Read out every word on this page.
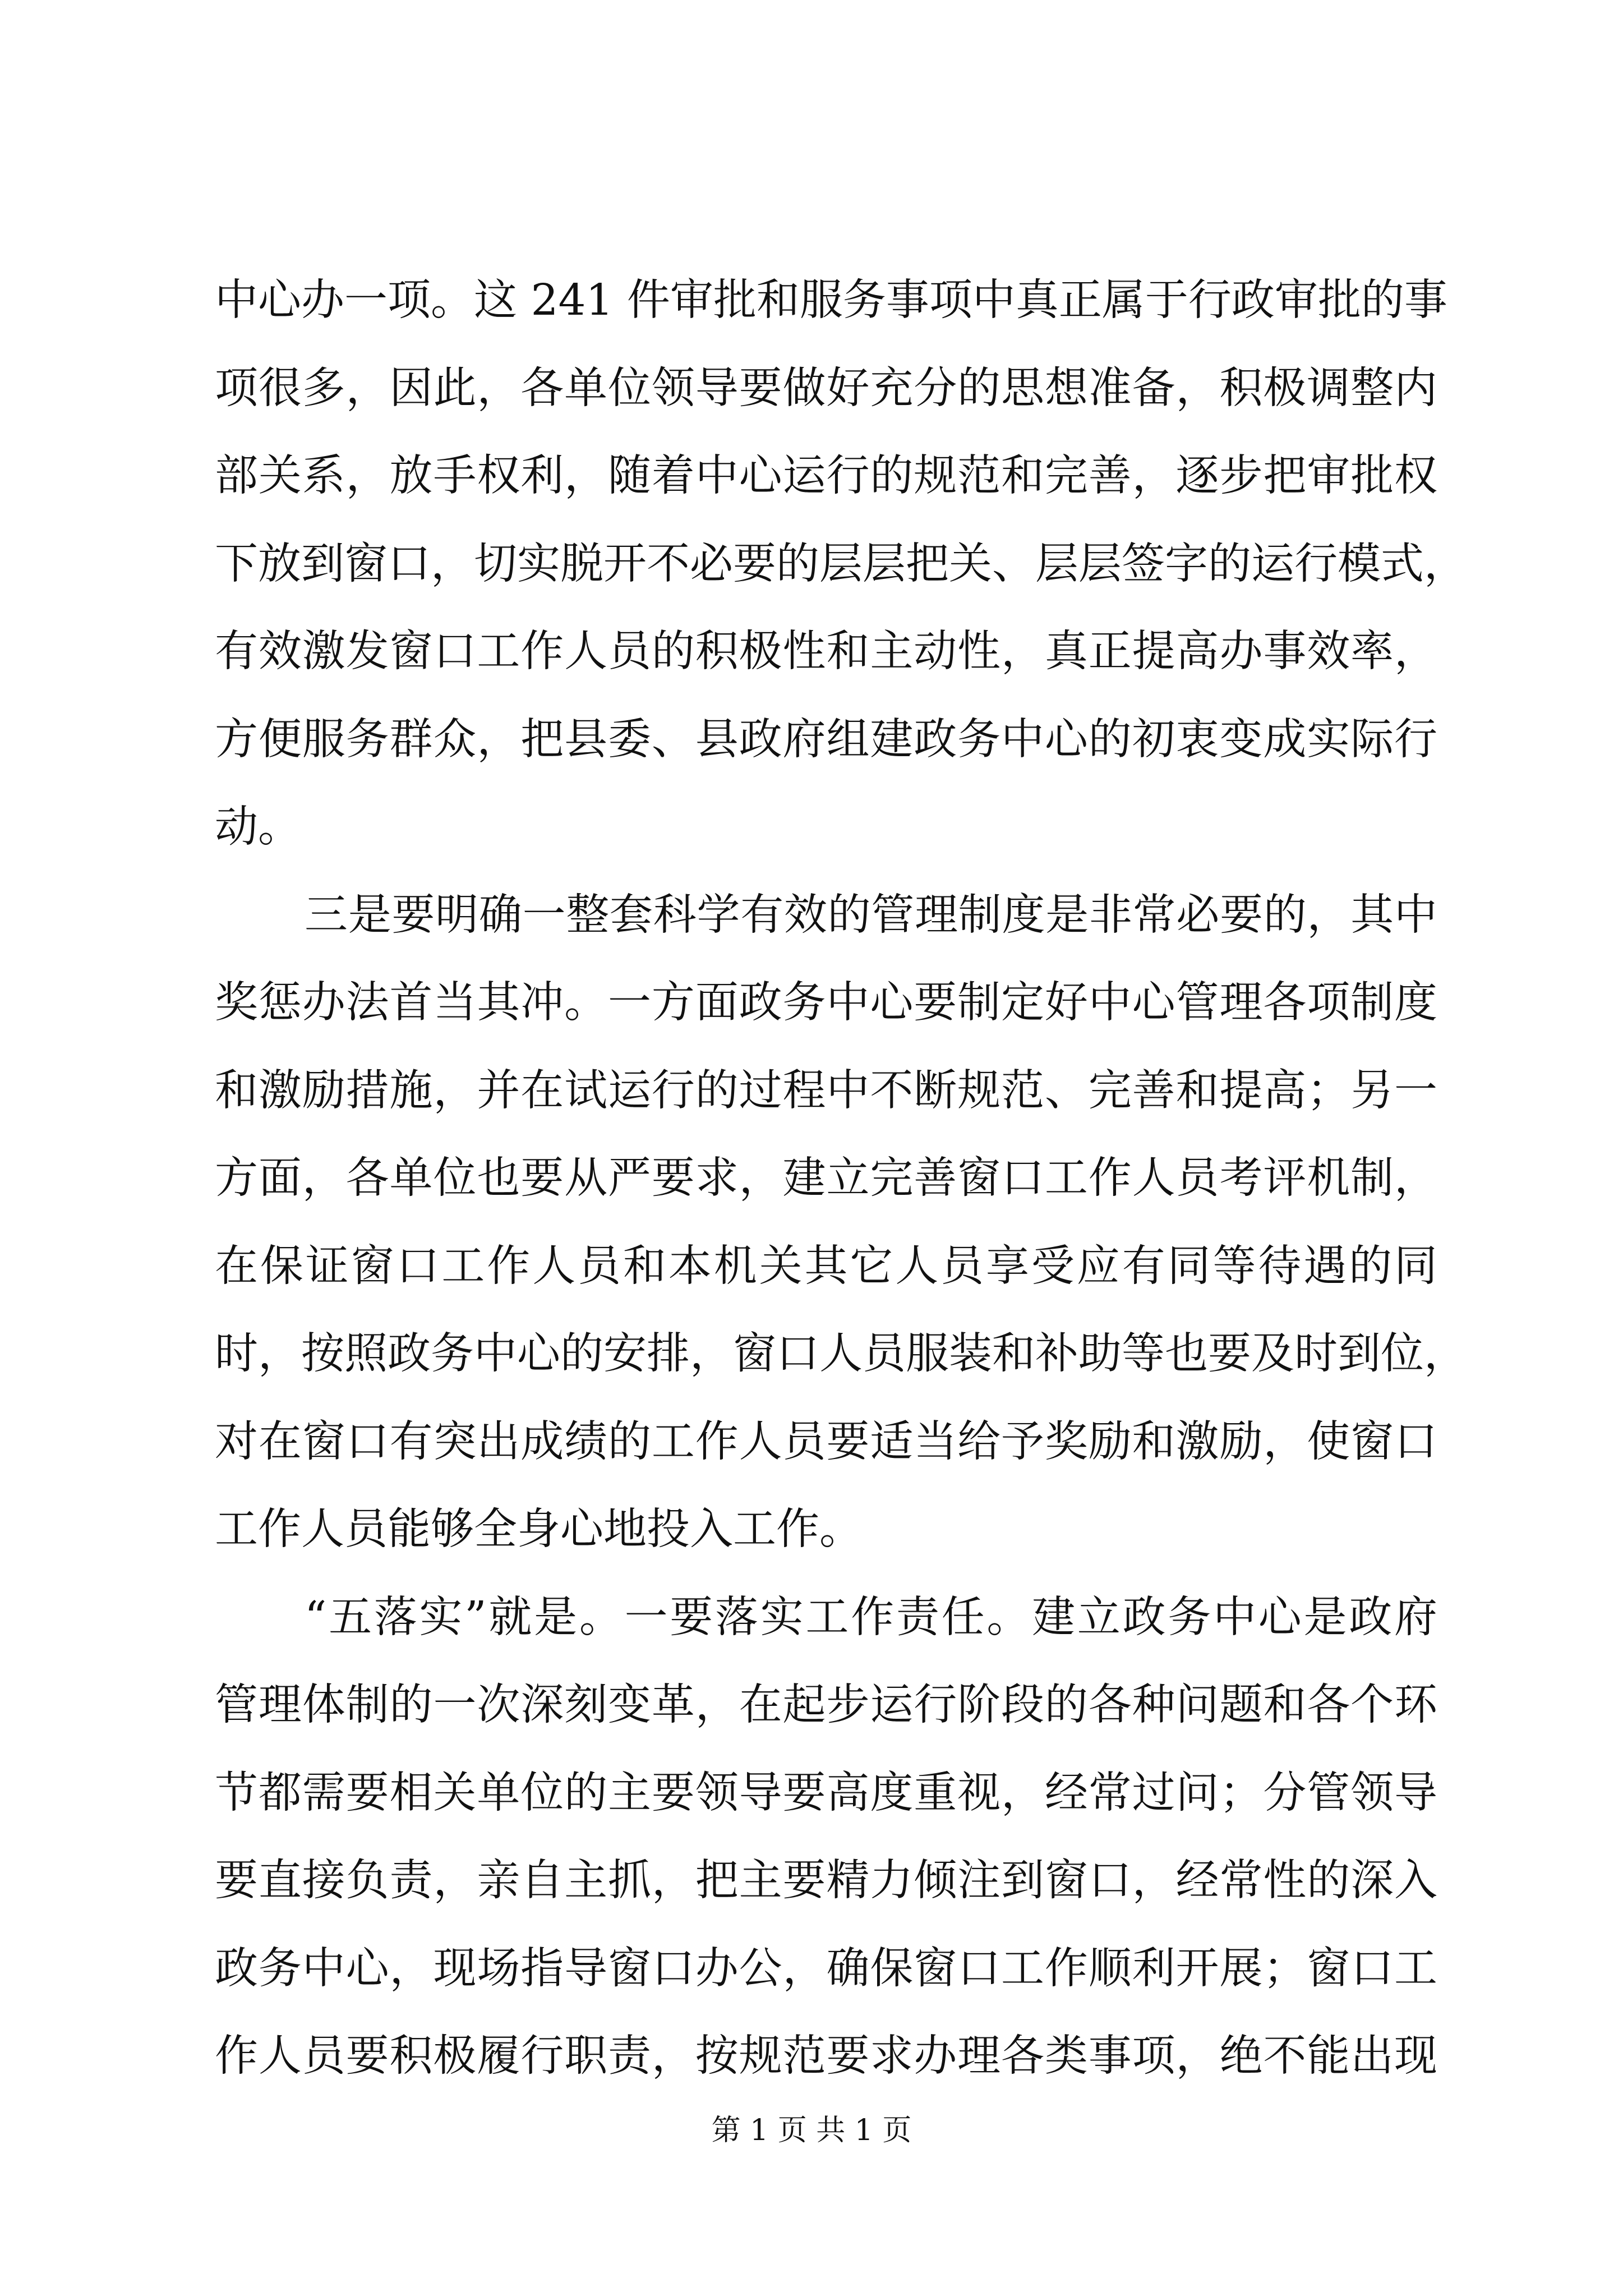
中心办一项。这 241 件审批和服务事项中真正属于行政审批的事
项很多，因此，各单位领导要做好充分的思想准备，积极调整内
部关系，放手权利，随着中心运行的规范和完善，逐步把审批权
下放到窗口，切实脱开不必要的层层把关、层层签字的运行模式，
有效激发窗口工作人员的积极性和主动性，真正提高办事效率，
方便服务群众，把县委、县政府组建政务中心的初衷变成实际行
动。
三是要明确一整套科学有效的管理制度是非常必要的，其中
奖惩办法首当其冲。一方面政务中心要制定好中心管理各项制度
和激励措施，并在试运行的过程中不断规范、完善和提高；另一
方面，各单位也要从严要求，建立完善窗口工作人员考评机制，
在保证窗口工作人员和本机关其它人员享受应有同等待遇的同
时，按照政务中心的安排，窗口人员服装和补助等也要及时到位，
对在窗口有突出成绩的工作人员要适当给予奖励和激励，使窗口
工作人员能够全身心地投入工作。
“五落实”就是。一要落实工作责任。建立政务中心是政府
管理体制的一次深刻变革，在起步运行阶段的各种问题和各个环
节都需要相关单位的主要领导要高度重视，经常过问；分管领导
要直接负责，亲自主抓，把主要精力倾注到窗口，经常性的深入
政务中心，现场指导窗口办公，确保窗口工作顺利开展；窗口工
作人员要积极履行职责，按规范要求办理各类事项，绝不能出现
第 1 页 共 1 页
